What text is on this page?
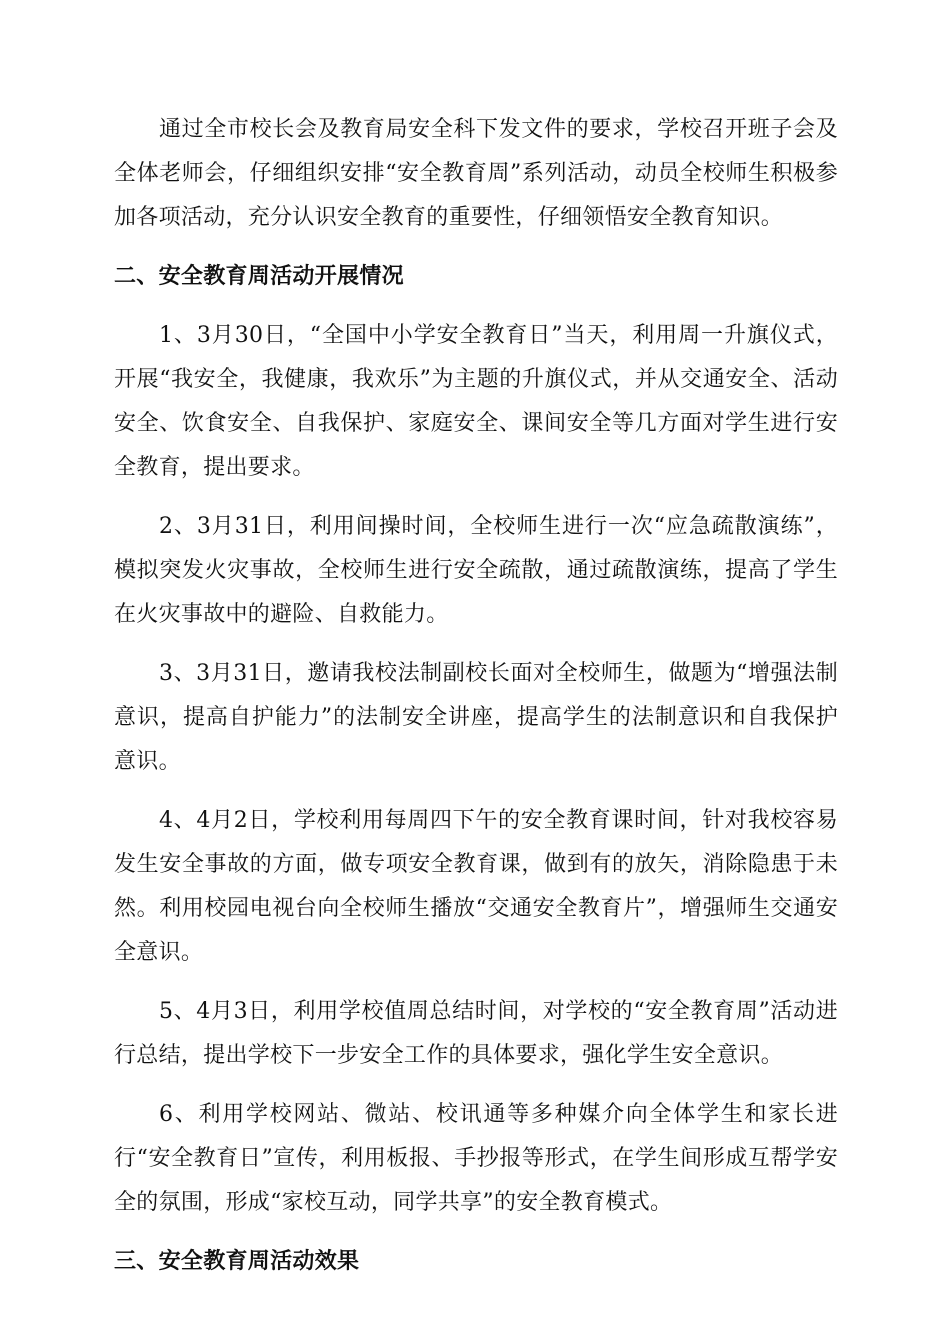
通过全市校长会及教育局安全科下发文件的要求，学校召开班子会及全体老师会，仔细组织安排“安全教育周”系列活动，动员全校师生积极参加各项活动，充分认识安全教育的重要性，仔细领悟安全教育知识。

二、安全教育周活动开展情况

1、3月30日，“全国中小学安全教育日”当天，利用周一升旗仪式，开展“我安全，我健康，我欢乐”为主题的升旗仪式，并从交通安全、活动安全、饮食安全、自我保护、家庭安全、课间安全等几方面对学生进行安全教育，提出要求。

2、3月31日，利用间操时间，全校师生进行一次“应急疏散演练”，模拟突发火灾事故，全校师生进行安全疏散，通过疏散演练，提高了学生在火灾事故中的避险、自救能力。

3、3月31日，邀请我校法制副校长面对全校师生，做题为“增强法制意识，提高自护能力”的法制安全讲座，提高学生的法制意识和自我保护意识。

4、4月2日，学校利用每周四下午的安全教育课时间，针对我校容易发生安全事故的方面，做专项安全教育课，做到有的放矢，消除隐患于未然。利用校园电视台向全校师生播放“交通安全教育片”，增强师生交通安全意识。

5、4月3日，利用学校值周总结时间，对学校的“安全教育周”活动进行总结，提出学校下一步安全工作的具体要求，强化学生安全意识。

6、利用学校网站、微站、校讯通等多种媒介向全体学生和家长进行“安全教育日”宣传，利用板报、手抄报等形式，在学生间形成互帮学安全的氛围，形成“家校互动，同学共享”的安全教育模式。

三、安全教育周活动效果
